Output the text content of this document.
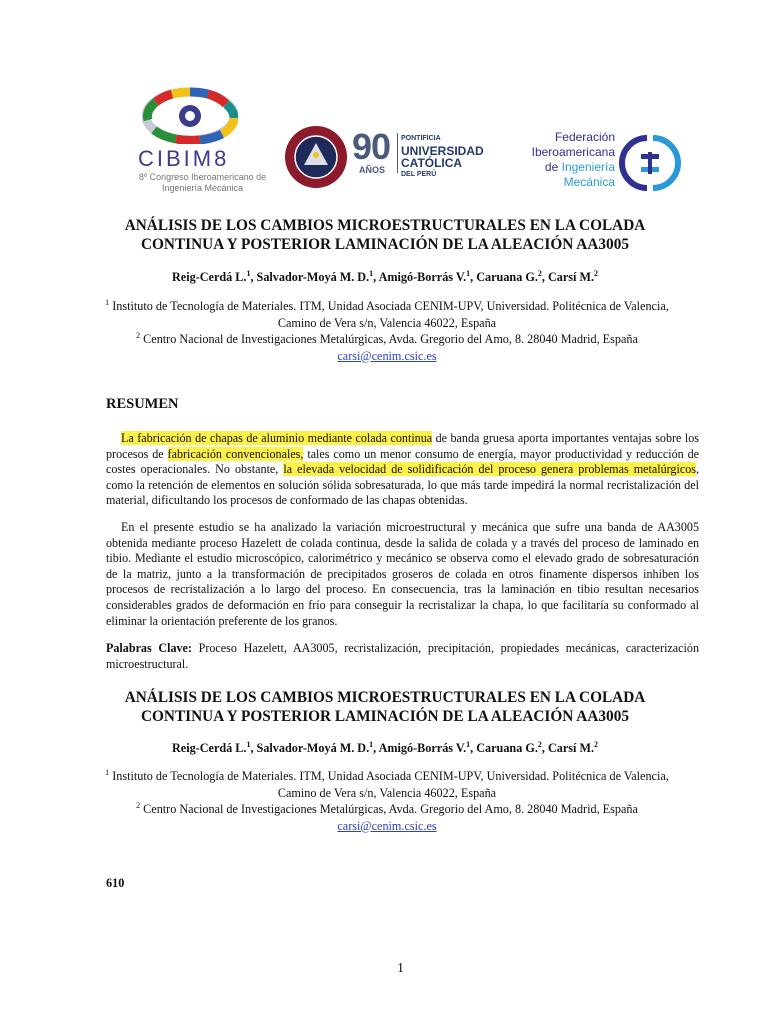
CIBIM8
8º Congreso Iberoamericano de Ingeniería Mecánica
90
AÑOS
PONTIFICIA
UNIVERSIDAD
CATÓLICA
DEL PERÚ
Federación
Iberoamericana
de Ingeniería
Mecánica
ANÁLISIS DE LOS CAMBIOS MICROESTRUCTURALES EN LA COLADA
CONTINUA Y POSTERIOR LAMINACIÓN DE LA ALEACIÓN AA3005
Reig-Cerdá L.$^1$, Salvador-Moyá M. D.$^1$, Amigó-Borrás V.$^1$, Caruana G.$^2$, Carsí M.$^2$
$^1$ Instituto de Tecnología de Materiales. ITM, Unidad Asociada CENIM-UPV, Universidad. Politécnica de Valencia,
Camino de Vera s/n, Valencia 46022, España
$^2$ Centro Nacional de Investigaciones Metalúrgicas, Avda. Gregorio del Amo, 8. 28040 Madrid, España
carsi@cenim.csic.es
RESUMEN
La fabricación de chapas de aluminio mediante colada continua de banda gruesa aporta importantes ventajas sobre los procesos de fabricación convencionales, tales como un menor consumo de energía, mayor productividad y reducción de costes operacionales. No obstante, la elevada velocidad de solidificación del proceso genera problemas metalúrgicos, como la retención de elementos en solución sólida sobresaturada, lo que más tarde impedirá la normal recristalización del material, dificultando los procesos de conformado de las chapas obtenidas.
En el presente estudio se ha analizado la variación microestructural y mecánica que sufre una banda de AA3005 obtenida mediante proceso Hazelett de colada continua, desde la salida de colada y a través del proceso de laminado en tibio. Mediante el estudio microscópico, calorimétrico y mecánico se observa como el elevado grado de sobresaturación de la matriz, junto a la transformación de precipitados groseros de colada en otros finamente dispersos inhiben los procesos de recristalización a lo largo del proceso. En consecuencia, tras la laminación en tibio resultan necesarios considerables grados de deformación en frío para conseguir la recristalizar la chapa, lo que facilitaría su conformado al eliminar la orientación preferente de los granos.
Palabras Clave: Proceso Hazelett, AA3005, recristalización, precipitación, propiedades mecánicas, caracterización microestructural.
ANÁLISIS DE LOS CAMBIOS MICROESTRUCTURALES EN LA COLADA
CONTINUA Y POSTERIOR LAMINACIÓN DE LA ALEACIÓN AA3005
Reig-Cerdá L.$^1$, Salvador-Moyá M. D.$^1$, Amigó-Borrás V.$^1$, Caruana G.$^2$, Carsí M.$^2$
$^1$ Instituto de Tecnología de Materiales. ITM, Unidad Asociada CENIM-UPV, Universidad. Politécnica de Valencia,
Camino de Vera s/n, Valencia 46022, España
$^2$ Centro Nacional de Investigaciones Metalúrgicas, Avda. Gregorio del Amo, 8. 28040 Madrid, España
carsi@cenim.csic.es
610
1
